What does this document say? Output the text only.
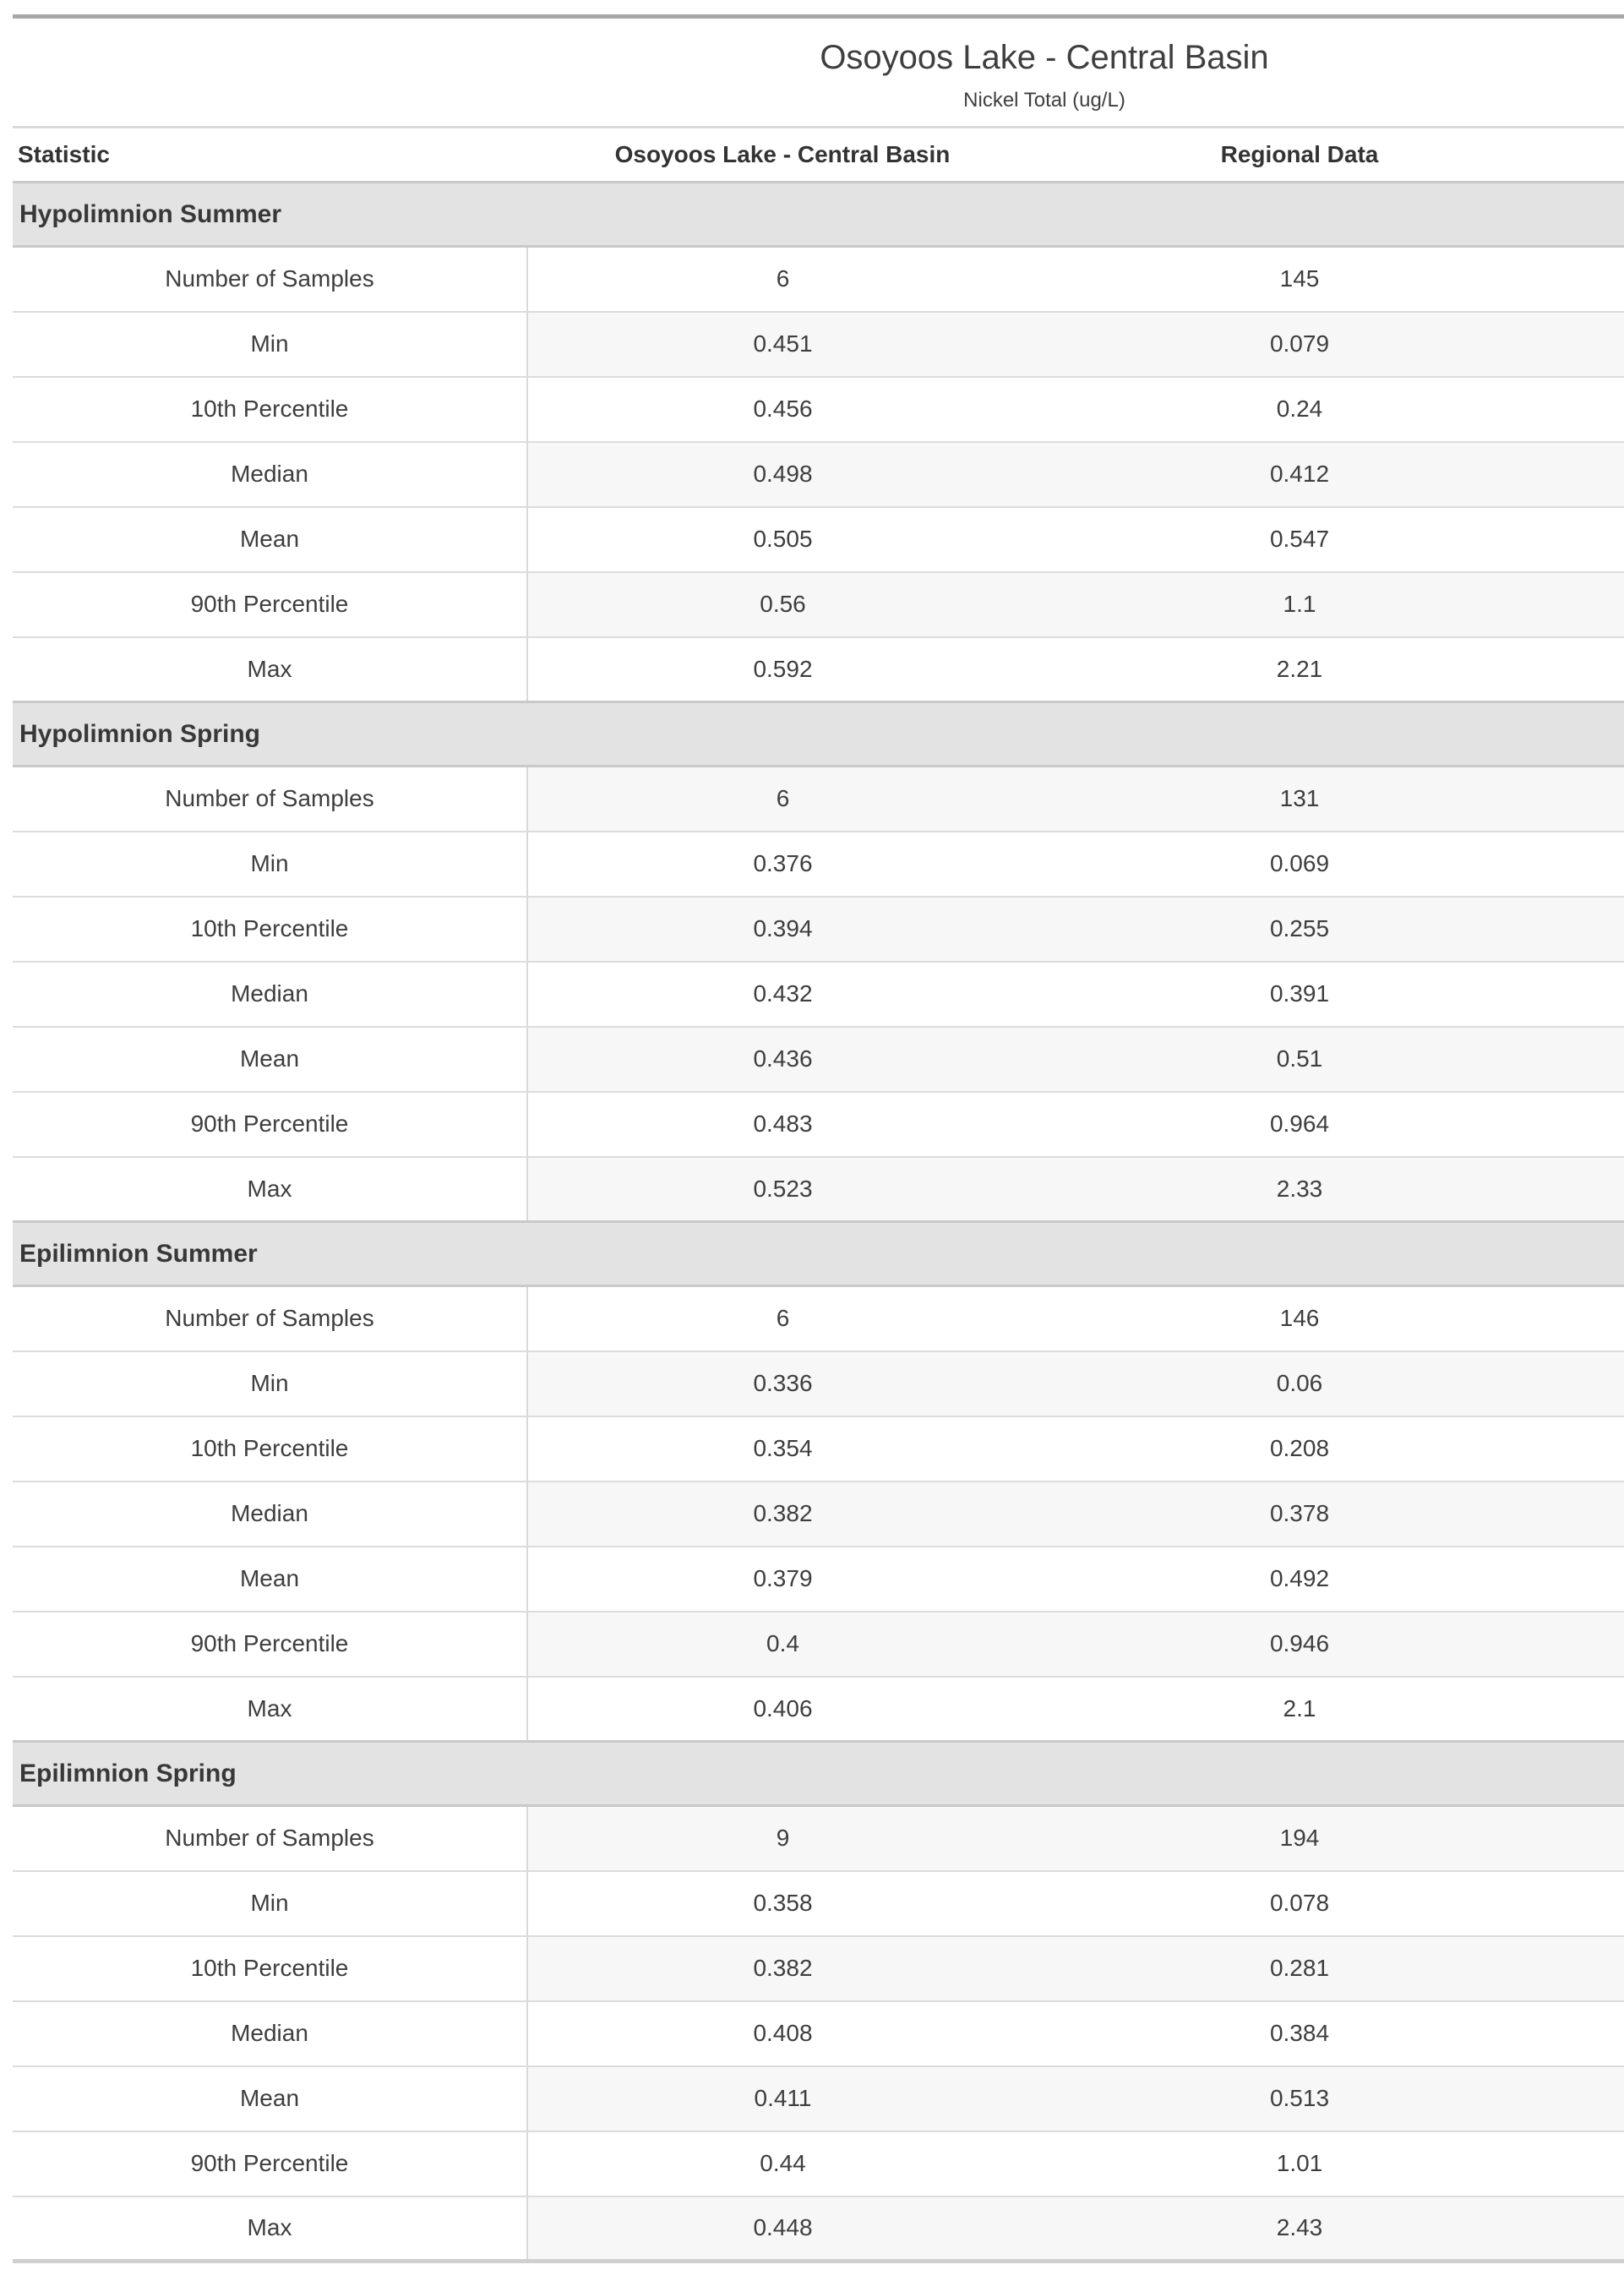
	Osoyoos Lake - Central Basin
Nickel Total (ug/L)		

Statistic	Osoyoos Lake - Central Basin	Regional Data	
Hypolimnion Summer			
Number of Samples	6	145	
Min	0.451	0.079	
10th Percentile	0.456	0.24	
Median	0.498	0.412	
Mean	0.505	0.547	
90th Percentile	0.56	1.1	
Max	0.592	2.21	
Hypolimnion Spring			
Number of Samples	6	131	
Min	0.376	0.069	
10th Percentile	0.394	0.255	
Median	0.432	0.391	
Mean	0.436	0.51	
90th Percentile	0.483	0.964	
Max	0.523	2.33	
Epilimnion Summer			
Number of Samples	6	146	
Min	0.336	0.06	
10th Percentile	0.354	0.208	
Median	0.382	0.378	
Mean	0.379	0.492	
90th Percentile	0.4	0.946	
Max	0.406	2.1	
Epilimnion Spring			
Number of Samples	9	194	
Min	0.358	0.078	
10th Percentile	0.382	0.281	
Median	0.408	0.384	
Mean	0.411	0.513	
90th Percentile	0.44	1.01	
Max	0.448	2.43	
